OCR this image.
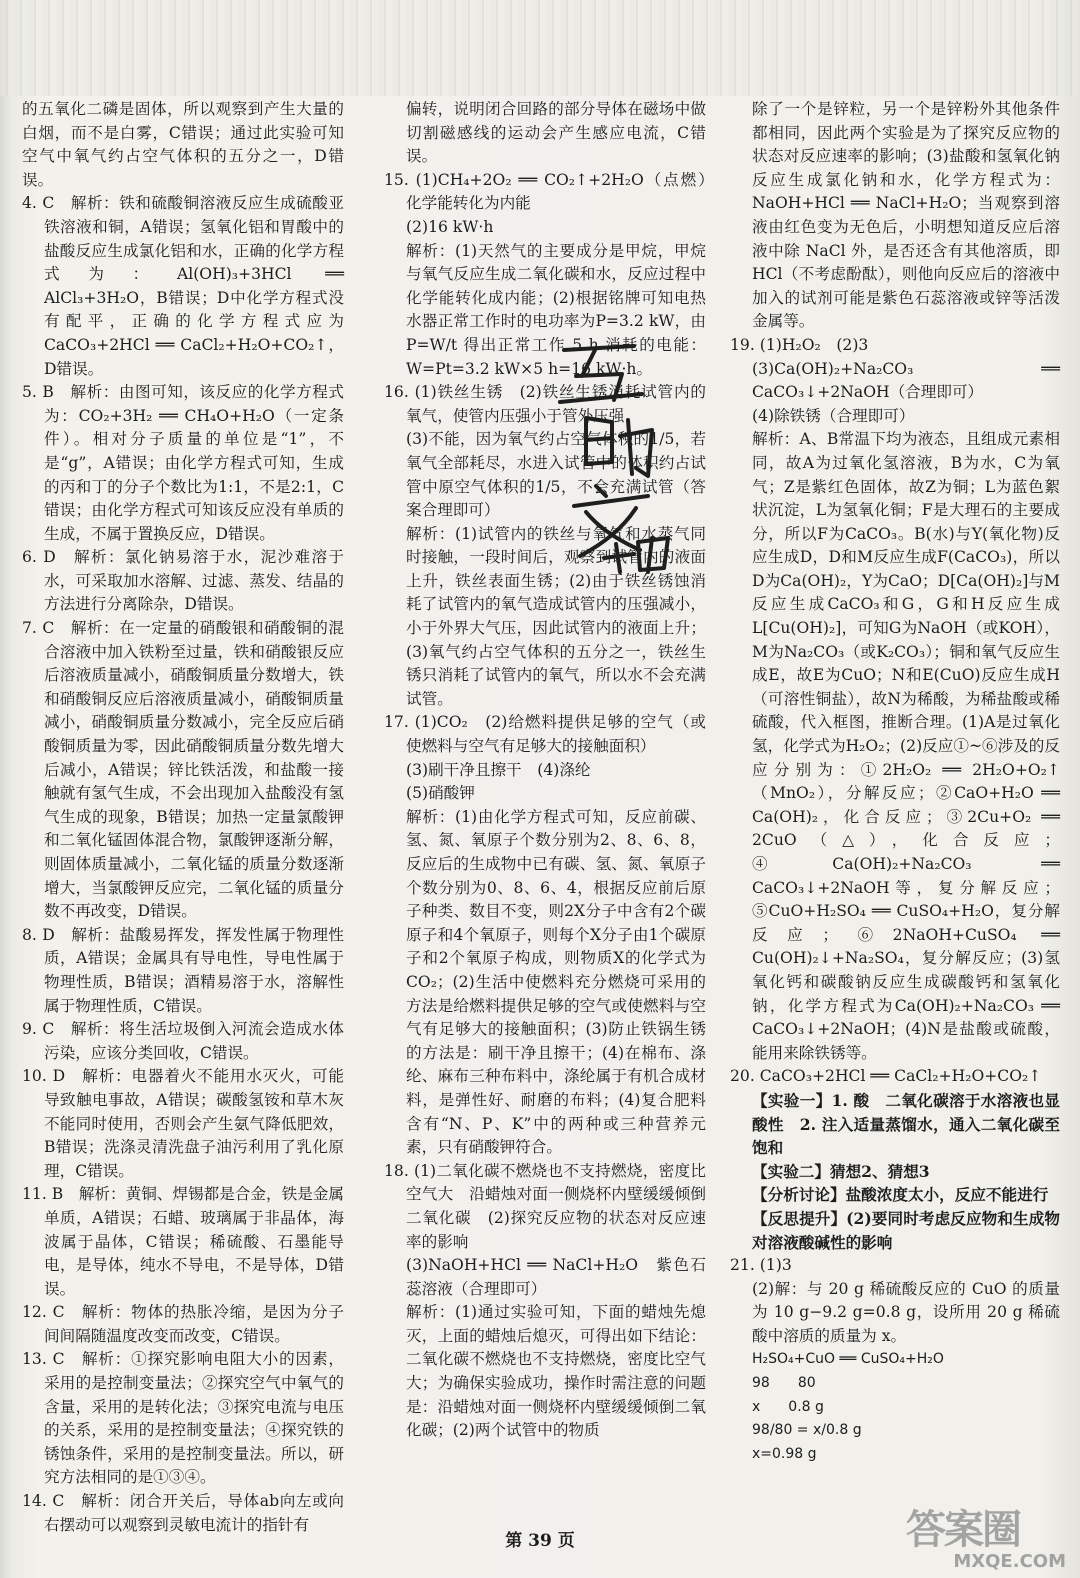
的五氧化二磷是固体，所以观察到产生大量的白烟，而不是白雾，C错误；通过此实验可知空气中氧气约占空气体积的五分之一，D错误。

4. C　解析：铁和硫酸铜溶液反应生成硫酸亚铁溶液和铜，A错误；氢氧化铝和胃酸中的盐酸反应生成氯化铝和水，正确的化学方程式为：Al(OH)₃+3HCl ══ AlCl₃+3H₂O，B错误；D中化学方程式没有配平，正确的化学方程式应为 CaCO₃+2HCl ══ CaCl₂+H₂O+CO₂↑，D错误。

5. B　解析：由图可知，该反应的化学方程式为：CO₂+3H₂ ══ CH₄O+H₂O（一定条件）。相对分子质量的单位是“1”，不是“g”，A错误；由化学方程式可知，生成的丙和丁的分子个数比为1:1，不是2:1，C错误；由化学方程式可知该反应没有单质的生成，不属于置换反应，D错误。

6. D　解析：氯化钠易溶于水，泥沙难溶于水，可采取加水溶解、过滤、蒸发、结晶的方法进行分离除杂，D错误。

7. C　解析：在一定量的硝酸银和硝酸铜的混合溶液中加入铁粉至过量，铁和硝酸银反应后溶液质量减小，硝酸铜质量分数增大，铁和硝酸铜反应后溶液质量减小，硝酸铜质量减小，硝酸铜质量分数减小，完全反应后硝酸铜质量为零，因此硝酸铜质量分数先增大后减小，A错误；锌比铁活泼，和盐酸一接触就有氢气生成，不会出现加入盐酸没有氢气生成的现象，B错误；加热一定量氯酸钾和二氧化锰固体混合物，氯酸钾逐渐分解，则固体质量减小，二氧化锰的质量分数逐渐增大，当氯酸钾反应完，二氧化锰的质量分数不再改变，D错误。

8. D　解析：盐酸易挥发，挥发性属于物理性质，A错误；金属具有导电性，导电性属于物理性质，B错误；酒精易溶于水，溶解性属于物理性质，C错误。

9. C　解析：将生活垃圾倒入河流会造成水体污染，应该分类回收，C错误。

10. D　解析：电器着火不能用水灭火，可能导致触电事故，A错误；碳酸氢铵和草木灰不能同时使用，否则会产生氨气降低肥效，B错误；洗涤灵清洗盘子油污利用了乳化原理，C错误。

11. B　解析：黄铜、焊锡都是合金，铁是金属单质，A错误；石蜡、玻璃属于非晶体，海波属于晶体，C错误；稀硫酸、石墨能导电，是导体，纯水不导电，不是导体，D错误。

12. C　解析：物体的热胀冷缩，是因为分子间间隔随温度改变而改变，C错误。

13. C　解析：①探究影响电阻大小的因素，采用的是控制变量法；②探究空气中氧气的含量，采用的是转化法；③探究电流与电压的关系，采用的是控制变量法；④探究铁的锈蚀条件，采用的是控制变量法。所以，研究方法相同的是①③④。

14. C　解析：闭合开关后，导体ab向左或向右摆动可以观察到灵敏电流计的指针有

偏转，说明闭合回路的部分导体在磁场中做切割磁感线的运动会产生感应电流，C错误。

15. (1)CH₄+2O₂ ══ CO₂↑+2H₂O（点燃）　化学能转化为内能

(2)16 kW·h

解析：(1)天然气的主要成分是甲烷，甲烷与氧气反应生成二氧化碳和水，反应过程中化学能转化成内能；(2)根据铭牌可知电热水器正常工作时的电功率为P=3.2 kW，由 P=W/t 得出正常工作 5 h 消耗的电能：W=Pt=3.2 kW×5 h=16 kW·h。

16. (1)铁丝生锈　(2)铁丝生锈消耗试管内的氧气，使管内压强小于管外压强

(3)不能，因为氧气约占空气体积的1/5，若氧气全部耗尽，水进入试管中的体积约占试管中原空气体积的1/5，不会充满试管（答案合理即可）

解析：(1)试管内的铁丝与氧气和水蒸气同时接触，一段时间后，观察到试管内的液面上升，铁丝表面生锈；(2)由于铁丝锈蚀消耗了试管内的氧气造成试管内的压强减小，小于外界大气压，因此试管内的液面上升；(3)氧气约占空气体积的五分之一，铁丝生锈只消耗了试管内的氧气，所以水不会充满试管。

17. (1)CO₂　(2)给燃料提供足够的空气（或使燃料与空气有足够大的接触面积）

(3)刷干净且擦干　(4)涤纶

(5)硝酸钾

解析：(1)由化学方程式可知，反应前碳、氢、氮、氧原子个数分别为2、8、6、8，反应后的生成物中已有碳、氢、氮、氧原子个数分别为0、8、6、4，根据反应前后原子种类、数目不变，则2X分子中含有2个碳原子和4个氧原子，则每个X分子由1个碳原子和2个氧原子构成，则物质X的化学式为CO₂；(2)生活中使燃料充分燃烧可采用的方法是给燃料提供足够的空气或使燃料与空气有足够大的接触面积；(3)防止铁锅生锈的方法是：刷干净且擦干；(4)在棉布、涤纶、麻布三种布料中，涤纶属于有机合成材料，是弹性好、耐磨的布料；(4)复合肥料含有“N、P、K”中的两种或三种营养元素，只有硝酸钾符合。

18. (1)二氧化碳不燃烧也不支持燃烧，密度比空气大　沿蜡烛对面一侧烧杯内壁缓缓倾倒二氧化碳　(2)探究反应物的状态对反应速率的影响

(3)NaOH+HCl ══ NaCl+H₂O　紫色石蕊溶液（合理即可）

解析：(1)通过实验可知，下面的蜡烛先熄灭，上面的蜡烛后熄灭，可得出如下结论：二氧化碳不燃烧也不支持燃烧，密度比空气大；为确保实验成功，操作时需注意的问题是：沿蜡烛对面一侧烧杯内壁缓缓倾倒二氧化碳；(2)两个试管中的物质

除了一个是锌粒，另一个是锌粉外其他条件都相同，因此两个实验是为了探究反应物的状态对反应速率的影响；(3)盐酸和氢氧化钠反应生成氯化钠和水，化学方程式为：NaOH+HCl ══ NaCl+H₂O；当观察到溶液由红色变为无色后，小明想知道反应后溶液中除 NaCl 外，是否还含有其他溶质，即 HCl（不考虑酚酞），则他向反应后的溶液中加入的试剂可能是紫色石蕊溶液或锌等活泼金属等。

19. (1)H₂O₂　(2)3

(3)Ca(OH)₂+Na₂CO₃ ══ CaCO₃↓+2NaOH（合理即可）

(4)除铁锈（合理即可）

解析：A、B常温下均为液态，且组成元素相同，故A为过氧化氢溶液，B为水，C为氧气；Z是紫红色固体，故Z为铜；L为蓝色絮状沉淀，L为氢氧化铜；F是大理石的主要成分，所以F为CaCO₃。B(水)与Y(氧化物)反应生成D，D和M反应生成F(CaCO₃)，所以D为Ca(OH)₂，Y为CaO；D[Ca(OH)₂]与M反应生成CaCO₃和G，G和H反应生成L[Cu(OH)₂]，可知G为NaOH（或KOH），M为Na₂CO₃（或K₂CO₃）；铜和氧气反应生成E，故E为CuO；N和E(CuO)反应生成H（可溶性铜盐），故N为稀酸，为稀盐酸或稀硫酸，代入框图，推断合理。(1)A是过氧化氢，化学式为H₂O₂；(2)反应①~⑥涉及的反应分别为：①2H₂O₂ ══ 2H₂O+O₂↑（MnO₂），分解反应；②CaO+H₂O ══ Ca(OH)₂，化合反应；③2Cu+O₂ ══ 2CuO（△），化合反应；④Ca(OH)₂+Na₂CO₃ ══ CaCO₃↓+2NaOH等，复分解反应；⑤CuO+H₂SO₄ ══ CuSO₄+H₂O，复分解反应；⑥2NaOH+CuSO₄ ══ Cu(OH)₂↓+Na₂SO₄，复分解反应；(3)氢氧化钙和碳酸钠反应生成碳酸钙和氢氧化钠，化学方程式为Ca(OH)₂+Na₂CO₃ ══ CaCO₃↓+2NaOH；(4)N是盐酸或硫酸，能用来除铁锈等。

20. CaCO₃+2HCl ══ CaCl₂+H₂O+CO₂↑

【实验一】1. 酸　二氧化碳溶于水溶液也显酸性　2. 注入适量蒸馏水，通入二氧化碳至饱和

【实验二】猜想2、猜想3

【分析讨论】盐酸浓度太小，反应不能进行

【反思提升】(2)要同时考虑反应物和生成物对溶液酸碱性的影响

21. (1)3

(2)解：与 20 g 稀硫酸反应的 CuO 的质量为 10 g−9.2 g=0.8 g，设所用 20 g 稀硫酸中溶质的质量为 x。

H₂SO₄+CuO ══ CuSO₄+H₂O

98　　80

x　　0.8 g

98/80 = x/0.8 g

x=0.98 g

第 39 页	答案圈
MXQE.COM
